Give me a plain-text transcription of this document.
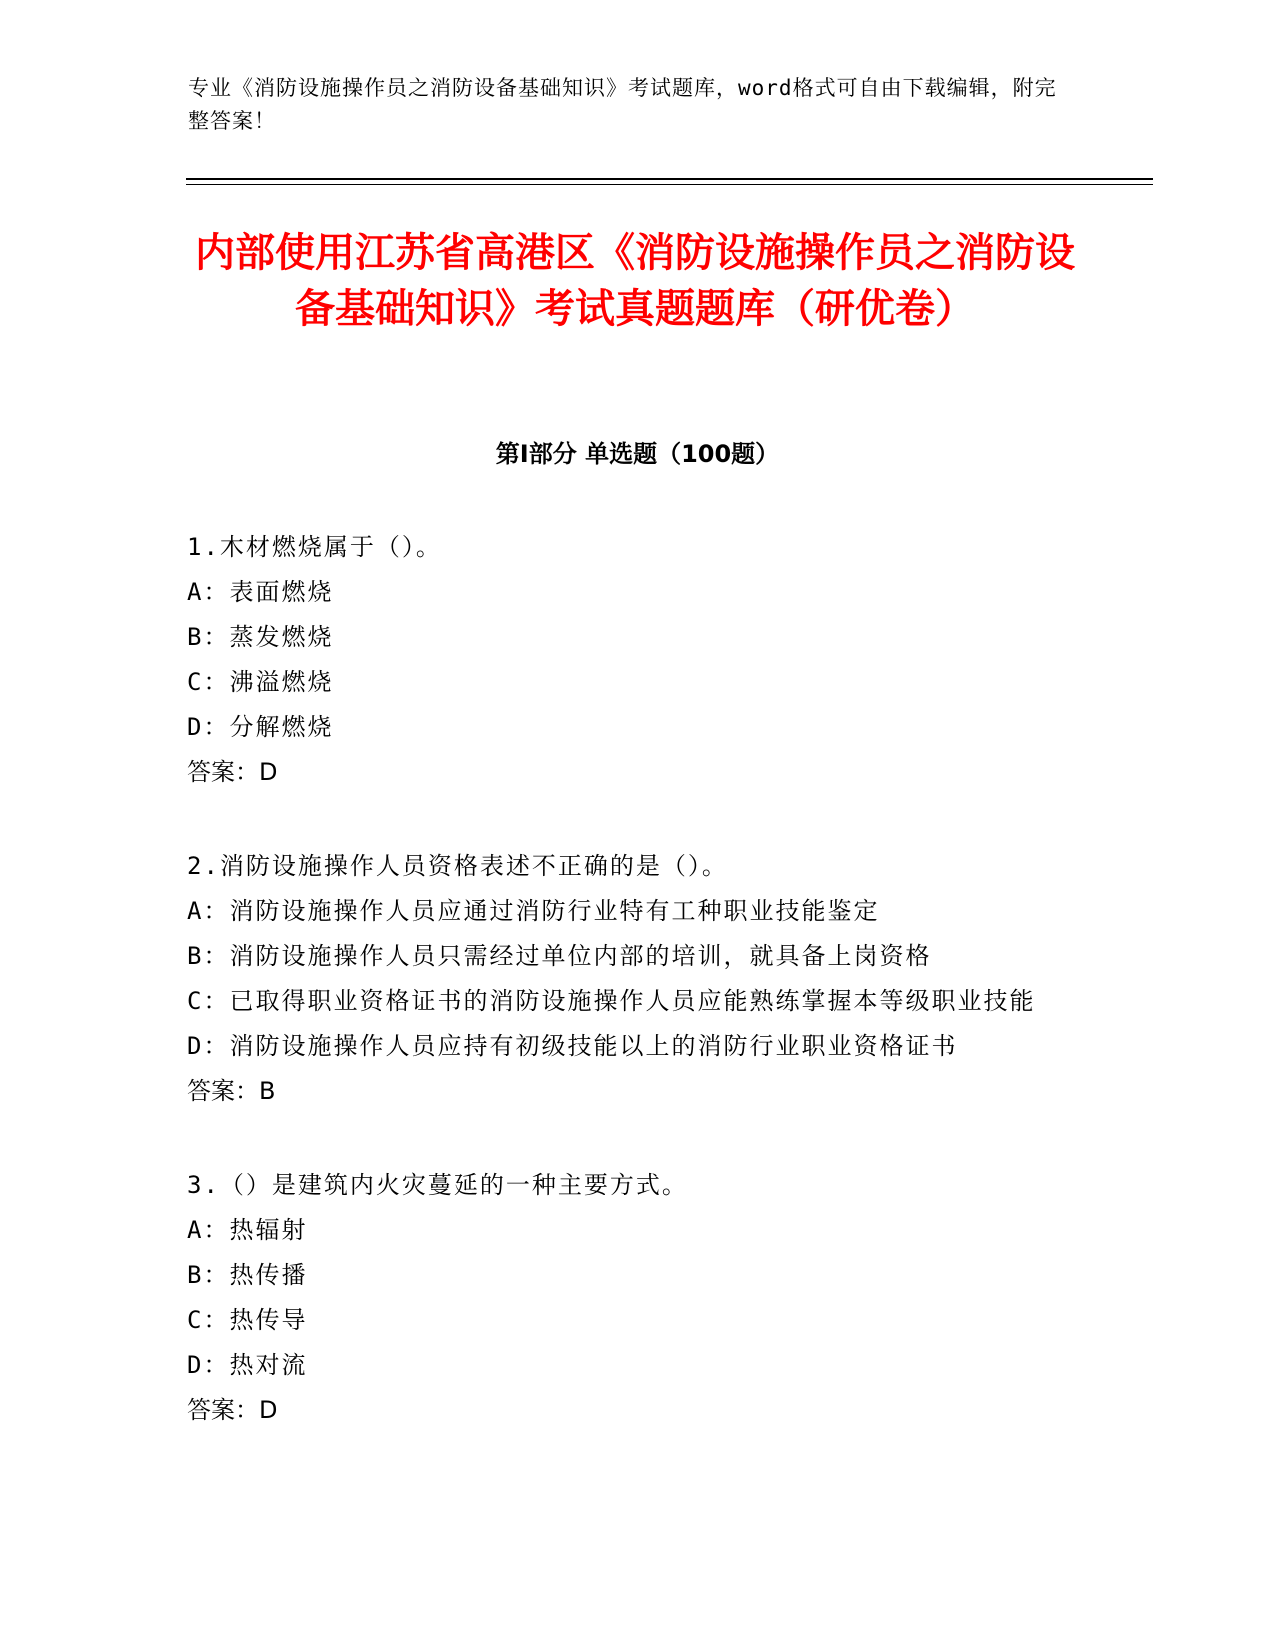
专业《消防设施操作员之消防设备基础知识》考试题库，word格式可自由下载编辑，附完整答案！

内部使用江苏省高港区《消防设施操作员之消防设备基础知识》考试真题题库（研优卷）
第I部分 单选题（100题）

1.木材燃烧属于（）。

A：表面燃烧

B：蒸发燃烧

C：沸溢燃烧

D：分解燃烧

答案：D

2.消防设施操作人员资格表述不正确的是（）。

A：消防设施操作人员应通过消防行业特有工种职业技能鉴定

B：消防设施操作人员只需经过单位内部的培训，就具备上岗资格

C：已取得职业资格证书的消防设施操作人员应能熟练掌握本等级职业技能

D：消防设施操作人员应持有初级技能以上的消防行业职业资格证书

答案：B

3.（）是建筑内火灾蔓延的一种主要方式。

A：热辐射

B：热传播

C：热传导

D：热对流

答案：D
